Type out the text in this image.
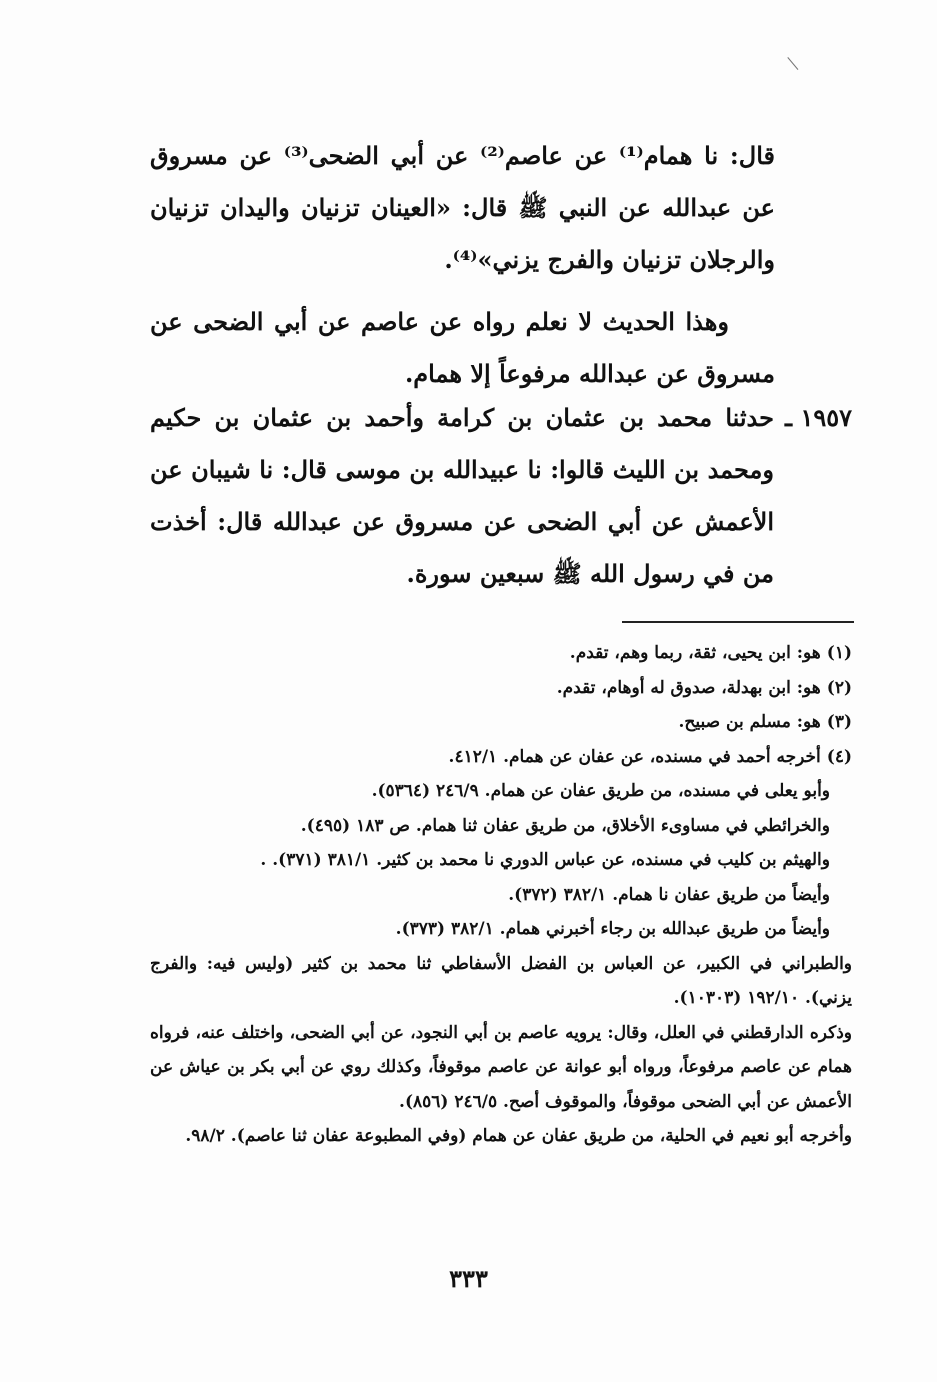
قال: نا همام⁽¹⁾ عن عاصم⁽²⁾ عن أبي الضحى⁽³⁾ عن مسروق عن عبدالله عن النبي ﷺ قال: «العينان تزنيان واليدان تزنيان والرجلان تزنيان والفرج يزني»⁽⁴⁾.

وهذا الحديث لا نعلم رواه عن عاصم عن أبي الضحى عن مسروق عن عبدالله مرفوعاً إلا همام.

١٩٥٧ ـ
حدثنا محمد بن عثمان بن كرامة وأحمد بن عثمان بن حكيم ومحمد بن الليث قالوا: نا عبيدالله بن موسى قال: نا شيبان عن الأعمش عن أبي الضحى عن مسروق عن عبدالله قال: أخذت من في رسول الله ﷺ سبعين سورة.

(١)هو: ابن يحيى، ثقة، ربما وهم، تقدم.

(٢)هو: ابن بهدلة، صدوق له أوهام، تقدم.

(٣)هو: مسلم بن صبيح.

(٤)أخرجه أحمد في مسنده، عن عفان عن همام. ٤١٢/١.

وأبو يعلى في مسنده، من طريق عفان عن همام. ٢٤٦/٩ (٥٣٦٤).

والخرائطي في مساوىء الأخلاق، من طريق عفان ثنا همام. ص ١٨٣ (٤٩٥).

والهيثم بن كليب في مسنده، عن عباس الدوري نا محمد بن كثير. ٣٨١/١ (٣٧١). .

وأيضاً من طريق عفان نا همام. ٣٨٢/١ (٣٧٢).

وأيضاً من طريق عبدالله بن رجاء أخبرني همام. ٣٨٢/١ (٣٧٣).

والطبراني في الكبير، عن العباس بن الفضل الأسفاطي ثنا محمد بن كثير (وليس فيه: والفرج يزني). ١٩٢/١٠ (١٠٣٠٣).

وذكره الدارقطني في العلل، وقال: يرويه عاصم بن أبي النجود، عن أبي الضحى، واختلف عنه، فرواه همام عن عاصم مرفوعاً، ورواه أبو عوانة عن عاصم موقوفاً، وكذلك روي عن أبي بكر بن عياش عن الأعمش عن أبي الضحى موقوفاً، والموقوف أصح. ٢٤٦/٥ (٨٥٦).

وأخرجه أبو نعيم في الحلية، من طريق عفان عن همام (وفي المطبوعة عفان ثنا عاصم). ٩٨/٢.

٣٣٣
